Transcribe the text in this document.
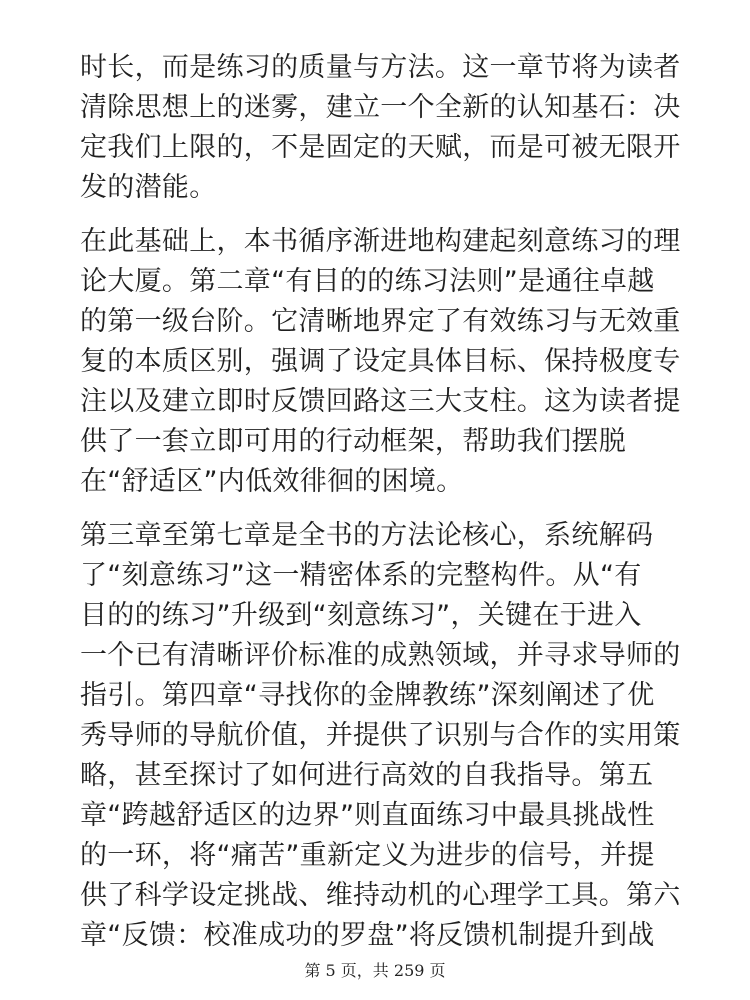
时长，而是练习的质量与方法。这一章节将为读者
清除思想上的迷雾，建立一个全新的认知基石：决
定我们上限的，不是固定的天赋，而是可被无限开
发的潜能。
在此基础上，本书循序渐进地构建起刻意练习的理
论大厦。第二章“有目的的练习法则”是通往卓越
的第一级台阶。它清晰地界定了有效练习与无效重
复的本质区别，强调了设定具体目标、保持极度专
注以及建立即时反馈回路这三大支柱。这为读者提
供了一套立即可用的行动框架，帮助我们摆脱
在“舒适区”内低效徘徊的困境。
第三章至第七章是全书的方法论核心，系统解码
了“刻意练习”这一精密体系的完整构件。从“有
目的的练习”升级到“刻意练习”，关键在于进入
一个已有清晰评价标准的成熟领域，并寻求导师的
指引。第四章“寻找你的金牌教练”深刻阐述了优
秀导师的导航价值，并提供了识别与合作的实用策
略，甚至探讨了如何进行高效的自我指导。第五
章“跨越舒适区的边界”则直面练习中最具挑战性
的一环，将“痛苦”重新定义为进步的信号，并提
供了科学设定挑战、维持动机的心理学工具。第六
章“反馈：校准成功的罗盘”将反馈机制提升到战
第 5 页，共 259 页
